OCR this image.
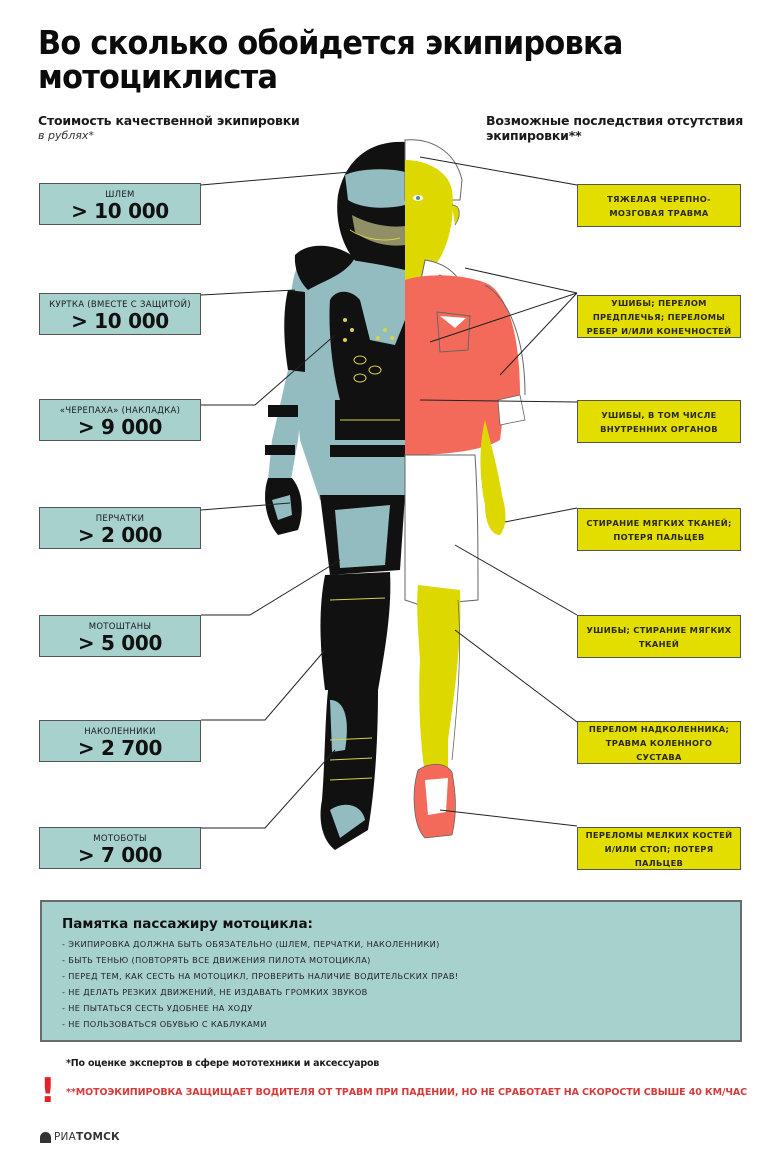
Во сколько обойдется экипировка мотоциклиста
Стоимость качественной экипировки
в рублях*
Возможные последствия отсутствия экипировки**
ШЛЕМ
> 10 000
КУРТКА (ВМЕСТЕ С ЗАЩИТОЙ)
> 10 000
«ЧЕРЕПАХА» (НАКЛАДКА)
> 9 000
ПЕРЧАТКИ
> 2 000
МОТОШТАНЫ
> 5 000
НАКОЛЕННИКИ
> 2 700
МОТОБОТЫ
> 7 000
ТЯЖЕЛАЯ ЧЕРЕПНО-МОЗГОВАЯ ТРАВМА
УШИБЫ; ПЕРЕЛОМ ПРЕДПЛЕЧЬЯ; ПЕРЕЛОМЫ РЕБЕР И/ИЛИ КОНЕЧНОСТЕЙ
УШИБЫ, В ТОМ ЧИСЛЕ ВНУТРЕННИХ ОРГАНОВ
СТИРАНИЕ МЯГКИХ ТКАНЕЙ; ПОТЕРЯ ПАЛЬЦЕВ
УШИБЫ; СТИРАНИЕ МЯГКИХ ТКАНЕЙ
ПЕРЕЛОМ НАДКОЛЕННИКА; ТРАВМА КОЛЕННОГО СУСТАВА
ПЕРЕЛОМЫ МЕЛКИХ КОСТЕЙ И/ИЛИ СТОП; ПОТЕРЯ ПАЛЬЦЕВ
Памятка пассажиру мотоцикла:
- ЭКИПИРОВКА ДОЛЖНА БЫТЬ ОБЯЗАТЕЛЬНО (ШЛЕМ, ПЕРЧАТКИ, НАКОЛЕННИКИ)
- БЫТЬ ТЕНЬЮ (ПОВТОРЯТЬ ВСЕ ДВИЖЕНИЯ ПИЛОТА МОТОЦИКЛА)
- ПЕРЕД ТЕМ, КАК СЕСТЬ НА МОТОЦИКЛ, ПРОВЕРИТЬ НАЛИЧИЕ ВОДИТЕЛЬСКИХ ПРАВ!
- НЕ ДЕЛАТЬ РЕЗКИХ ДВИЖЕНИЙ, НЕ ИЗДАВАТЬ ГРОМКИХ ЗВУКОВ
- НЕ ПЫТАТЬСЯ СЕСТЬ УДОБНЕЕ НА ХОДУ
- НЕ ПОЛЬЗОВАТЬСЯ ОБУВЬЮ С КАБЛУКАМИ
*По оценке экспертов в сфере мототехники и аксессуаров
! **МОТОЭКИПИРОВКА ЗАЩИЩАЕТ ВОДИТЕЛЯ ОТ ТРАВМ ПРИ ПАДЕНИИ, НО НЕ СРАБОТАЕТ НА СКОРОСТИ СВЫШЕ 40 КМ/ЧАС
РИАТОМСК
